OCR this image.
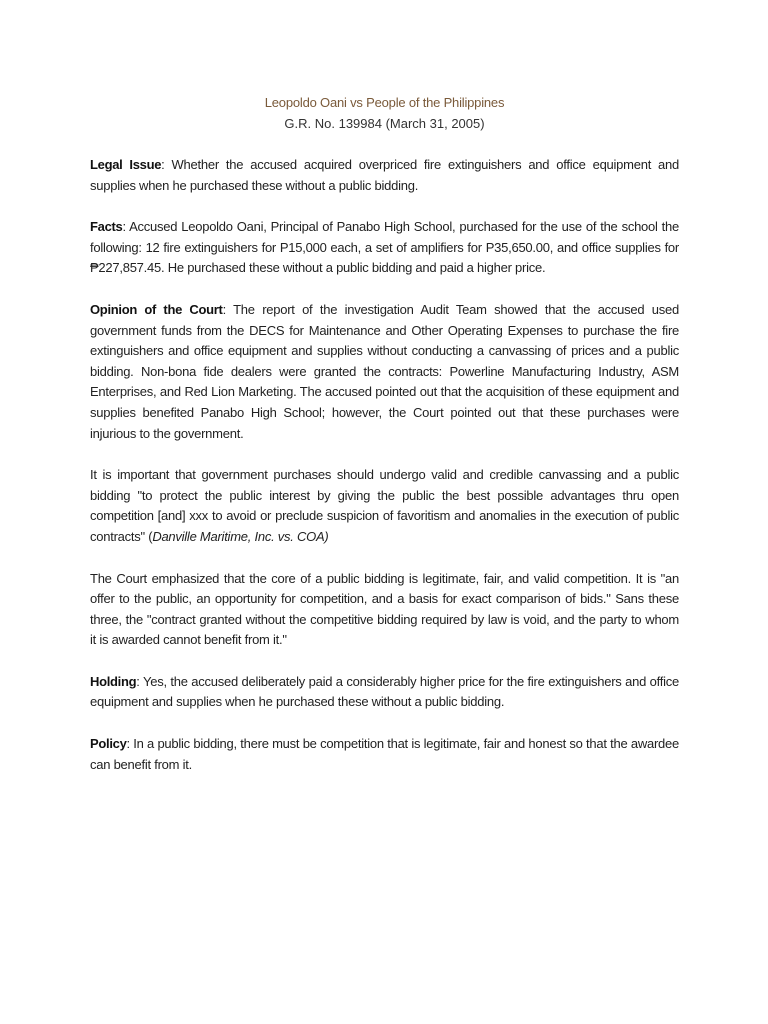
Leopoldo Oani vs People of the Philippines
G.R. No. 139984 (March 31, 2005)

Legal Issue: Whether the accused acquired overpriced fire extinguishers and office equipment and supplies when he purchased these without a public bidding.

Facts: Accused Leopoldo Oani, Principal of Panabo High School, purchased for the use of the school the following: 12 fire extinguishers for P15,000 each, a set of amplifiers for P35,650.00, and office supplies for ₱227,857.45. He purchased these without a public bidding and paid a higher price.

Opinion of the Court: The report of the investigation Audit Team showed that the accused used government funds from the DECS for Maintenance and Other Operating Expenses to purchase the fire extinguishers and office equipment and supplies without conducting a canvassing of prices and a public bidding. Non-bona fide dealers were granted the contracts: Powerline Manufacturing Industry, ASM Enterprises, and Red Lion Marketing. The accused pointed out that the acquisition of these equipment and supplies benefited Panabo High School; however, the Court pointed out that these purchases were injurious to the government.

It is important that government purchases should undergo valid and credible canvassing and a public bidding "to protect the public interest by giving the public the best possible advantages thru open competition [and] xxx to avoid or preclude suspicion of favoritism and anomalies in the execution of public contracts" (Danville Maritime, Inc. vs. COA)

The Court emphasized that the core of a public bidding is legitimate, fair, and valid competition. It is "an offer to the public, an opportunity for competition, and a basis for exact comparison of bids." Sans these three, the "contract granted without the competitive bidding required by law is void, and the party to whom it is awarded cannot benefit from it."

Holding: Yes, the accused deliberately paid a considerably higher price for the fire extinguishers and office equipment and supplies when he purchased these without a public bidding.

Policy: In a public bidding, there must be competition that is legitimate, fair and honest so that the awardee can benefit from it.
